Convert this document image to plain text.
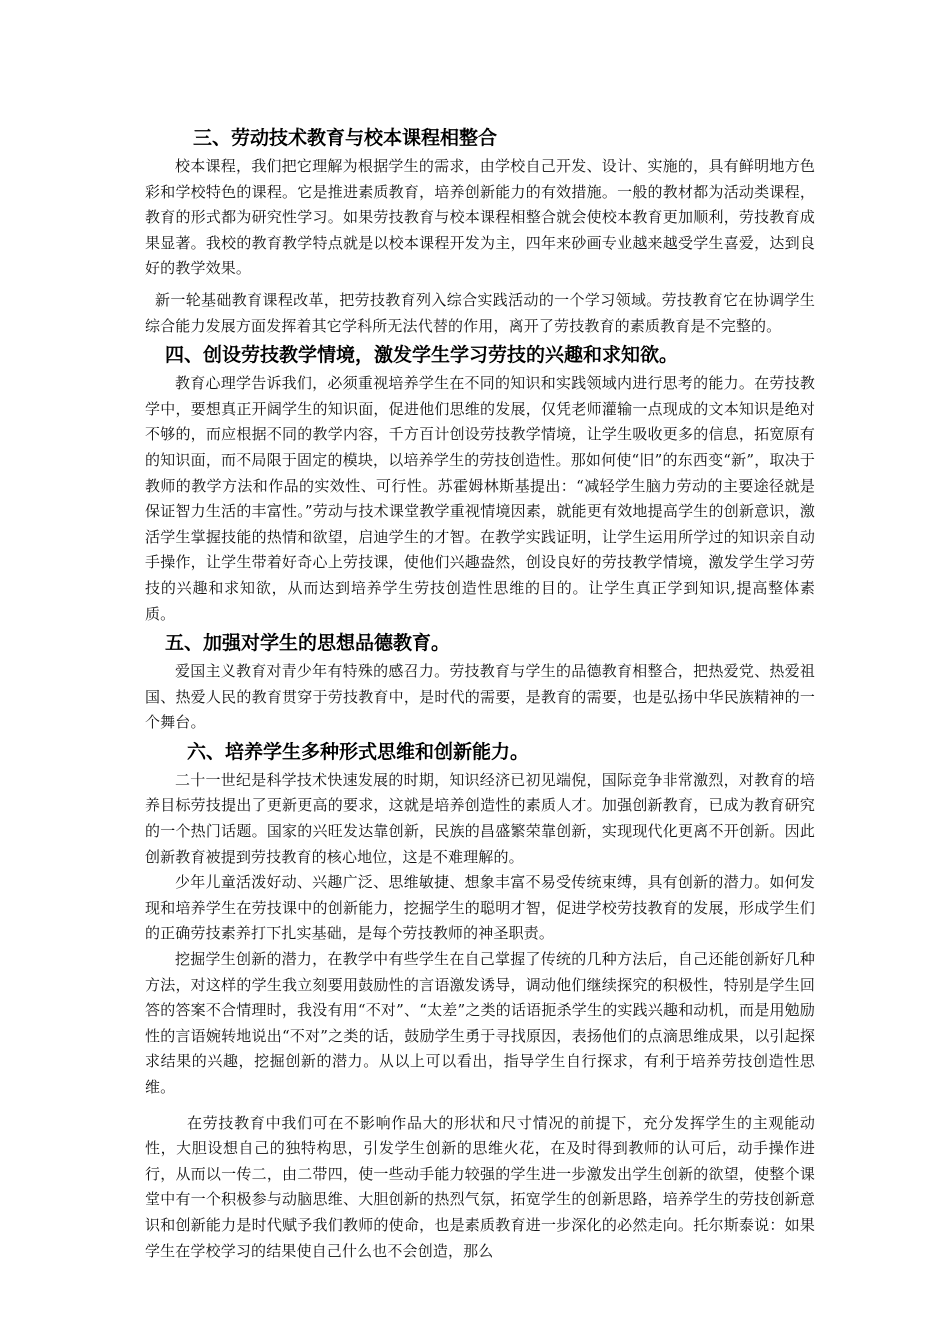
三、劳动技术教育与校本课程相整合

校本课程，我们把它理解为根据学生的需求，由学校自己开发、设计、实施的，具有鲜明地方色彩和学校特色的课程。它是推进素质教育，培养创新能力的有效措施。一般的教材都为活动类课程，教育的形式都为研究性学习。如果劳技教育与校本课程相整合就会使校本教育更加顺利，劳技教育成果显著。我校的教育教学特点就是以校本课程开发为主，四年来砂画专业越来越受学生喜爱，达到良好的教学效果。

新一轮基础教育课程改革，把劳技教育列入综合实践活动的一个学习领域。劳技教育它在协调学生综合能力发展方面发挥着其它学科所无法代替的作用，离开了劳技教育的素质教育是不完整的。

四、创设劳技教学情境，激发学生学习劳技的兴趣和求知欲。

教育心理学告诉我们，必须重视培养学生在不同的知识和实践领域内进行思考的能力。在劳技教学中，要想真正开阔学生的知识面，促进他们思维的发展，仅凭老师灌输一点现成的文本知识是绝对不够的，而应根据不同的教学内容，千方百计创设劳技教学情境，让学生吸收更多的信息，拓宽原有的知识面，而不局限于固定的模块，以培养学生的劳技创造性。那如何使“旧”的东西变“新”，取决于教师的教学方法和作品的实效性、可行性。苏霍姆林斯基提出：“减轻学生脑力劳动的主要途径就是保证智力生活的丰富性。”劳动与技术课堂教学重视情境因素，就能更有效地提高学生的创新意识，激活学生掌握技能的热情和欲望，启迪学生的才智。在教学实践证明，让学生运用所学过的知识亲自动手操作，让学生带着好奇心上劳技课，使他们兴趣盎然，创设良好的劳技教学情境，激发学生学习劳技的兴趣和求知欲，从而达到培养学生劳技创造性思维的目的。让学生真正学到知识,提高整体素质。

五、加强对学生的思想品德教育。

爱国主义教育对青少年有特殊的感召力。劳技教育与学生的品德教育相整合，把热爱党、热爱祖国、热爱人民的教育贯穿于劳技教育中，是时代的需要，是教育的需要，也是弘扬中华民族精神的一个舞台。

六、培养学生多种形式思维和创新能力。

二十一世纪是科学技术快速发展的时期，知识经济已初见端倪，国际竞争非常激烈，对教育的培养目标劳技提出了更新更高的要求，这就是培养创造性的素质人才。加强创新教育，已成为教育研究的一个热门话题。国家的兴旺发达靠创新，民族的昌盛繁荣靠创新，实现现代化更离不开创新。因此创新教育被提到劳技教育的核心地位，这是不难理解的。

少年儿童活泼好动、兴趣广泛、思维敏捷、想象丰富不易受传统束缚，具有创新的潜力。如何发现和培养学生在劳技课中的创新能力，挖掘学生的聪明才智，促进学校劳技教育的发展，形成学生们的正确劳技素养打下扎实基础，是每个劳技教师的神圣职责。

挖掘学生创新的潜力，在教学中有些学生在自己掌握了传统的几种方法后，自己还能创新好几种方法，对这样的学生我立刻要用鼓励性的言语激发诱导，调动他们继续探究的积极性，特别是学生回答的答案不合情理时，我没有用“不对”、“太差”之类的话语扼杀学生的实践兴趣和动机，而是用勉励性的言语婉转地说出“不对”之类的话，鼓励学生勇于寻找原因，表扬他们的点滴思维成果，以引起探求结果的兴趣，挖掘创新的潜力。从以上可以看出，指导学生自行探求，有利于培养劳技创造性思维。

在劳技教育中我们可在不影响作品大的形状和尺寸情况的前提下，充分发挥学生的主观能动性，大胆设想自己的独特构思，引发学生创新的思维火花，在及时得到教师的认可后，动手操作进行，从而以一传二，由二带四，使一些动手能力较强的学生进一步激发出学生创新的欲望，使整个课堂中有一个积极参与动脑思维、大胆创新的热烈气氛，拓宽学生的创新思路，培养学生的劳技创新意识和创新能力是时代赋予我们教师的使命，也是素质教育进一步深化的必然走向。托尔斯泰说：如果学生在学校学习的结果使自己什么也不会创造，那么
